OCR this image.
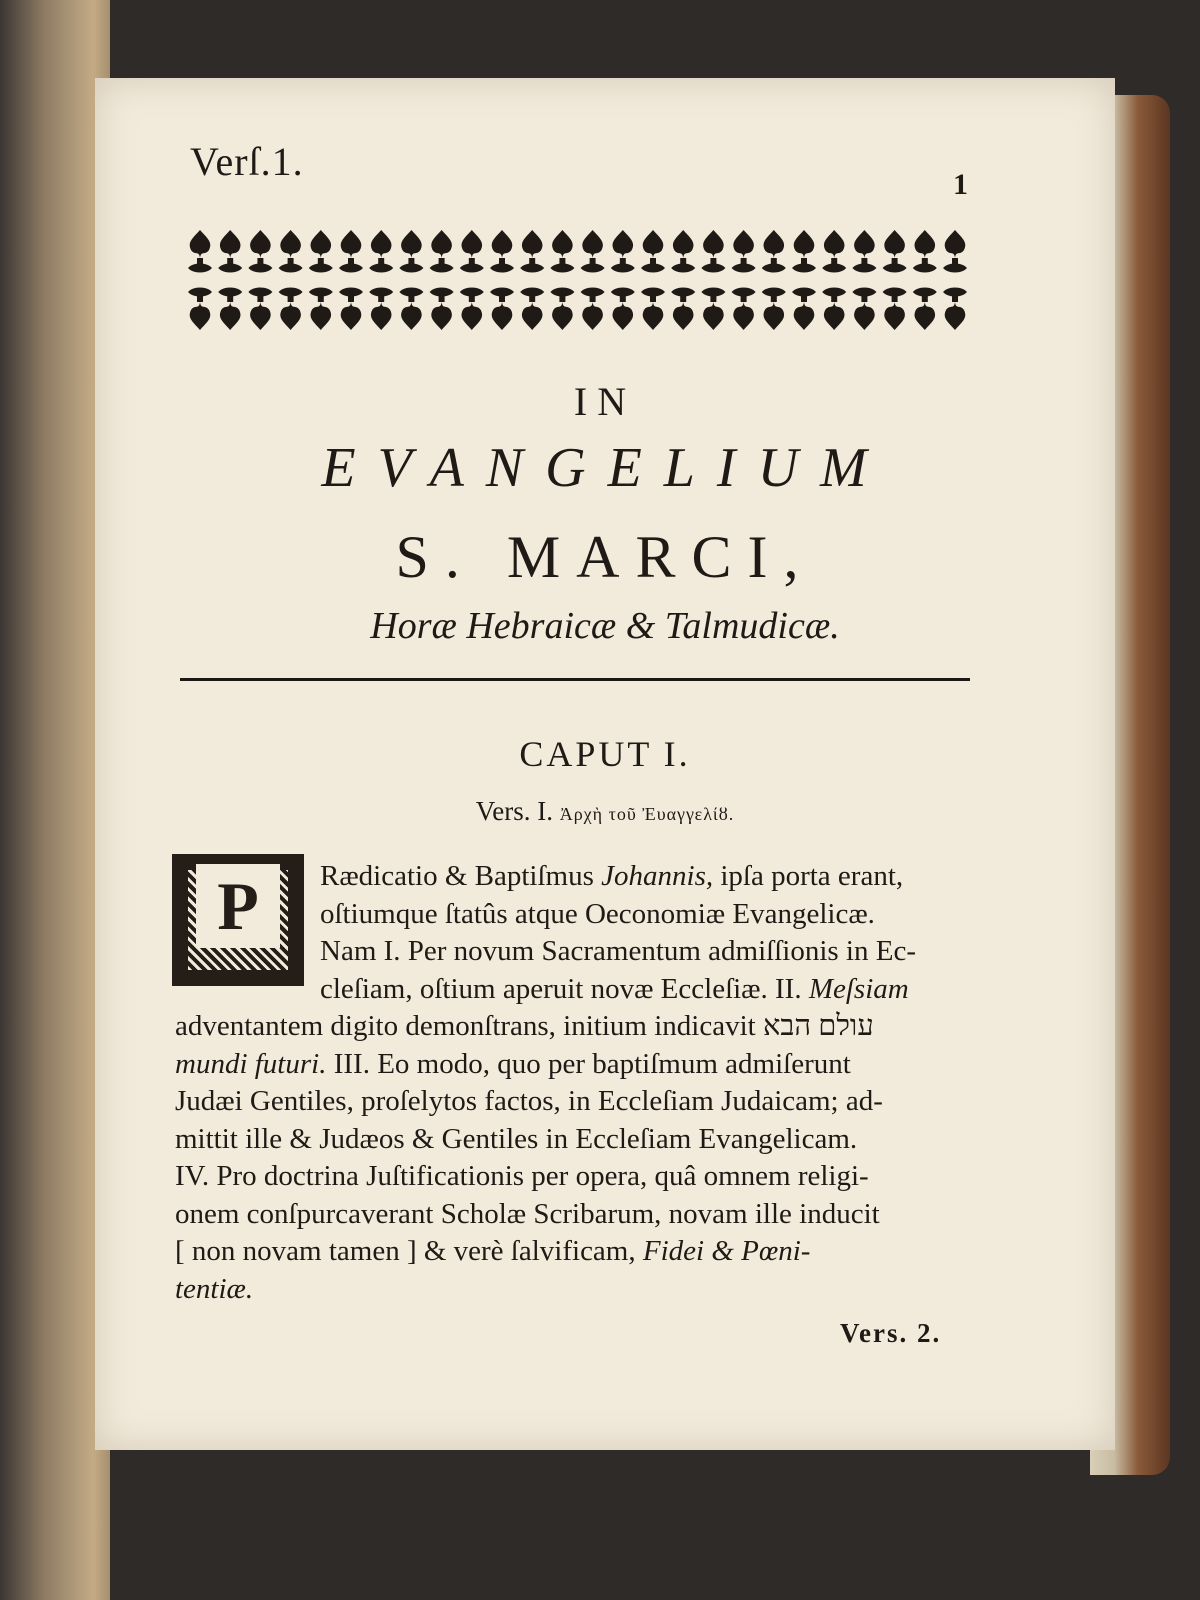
Verſ.1.
1
IN
EVANGELIUM
S. MARCI,
Horæ Hebraicæ & Talmudicæ.
CAPUT I.
Vers. I. Ἀρχὴ τοῦ Ἐυαγγελίȣ.
P	Rædicatio & Baptiſmus Johannis, ipſa porta erant,
oſtiumque ſtatûs atque Oeconomiæ Evangelicæ.
Nam I. Per novum Sacramentum admiſſionis in Ec-
cleſiam, oſtium aperuit novæ Eccleſiæ. II. Meſsiam
adventantem digito demonſtrans, initium indicavit עולם הבא
mundi futuri. III. Eo modo, quo per baptiſmum admiſerunt
Judæi Gentiles, proſelytos factos, in Eccleſiam Judaicam; ad-
mittit ille & Judæos & Gentiles in Eccleſiam Evangelicam.
IV. Pro doctrina Juſtificationis per opera, quâ omnem religi-
onem conſpurcaverant Scholæ Scribarum, novam ille inducit
[ non novam tamen ] & verè ſalvificam, Fidei & Pœni-
tentiæ.
Vers. 2.
